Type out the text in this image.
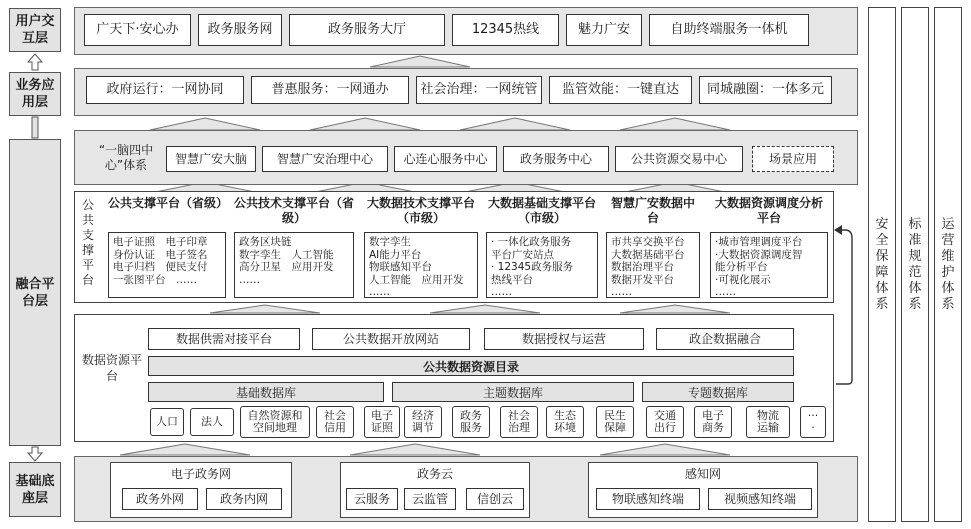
用户交互层
业务应用层
融合平台层
基础底座层
广天下·安心办	政务服务网	政务服务大厅	12345热线	魅力广安	自助终端服务一体机
政府运行：一网协同	普惠服务：一网通办	社会治理：一网统管	监管效能：一键直达	同城融圈：一体多元
“一脑四中心”体系	智慧广安大脑	智慧广安治理中心	心连心服务中心	政务服务中心	公共资源交易中心	场景应用
公共支撑平台
公共支撑平台（省级） 公共技术支撑平台（省级）
大数据技术支撑平台（市级）
大数据基础支撑平台（市级）
智慧广安数据中台
大数据资源调度分析平台
电子证照　电子印章
身份认证　电子签名
电子归档　便民支付
一张图平台　……
政务区块链
数字孪生　人工智能
高分卫星　应用开发
……
数字孪生
AI能力平台
物联感知平台
人工智能　应用开发
……
· 一体化政务服务
平台广安站点
· 12345政务服务
热线平台
……
市共享交换平台
大数据基础平台
数据治理平台
数据开发平台
……
·城市管理调度平台
·大数据资源调度智
能分析平台
·可视化展示
……
数据资源平台
数据供需对接平台	公共数据开放网站	数据授权与运营	政企数据融合
公共数据资源目录
基础数据库	主题数据库	专题数据库
人口	法人	自然资源和
空间地理
社会
信用
电子
证照
经济
调节
政务
服务
社会
治理
生态
环境
民生
保障
交通
出行
电子
商务
物流
运输
···
·
电子政务网
政务外网	政务内网
政务云
云服务	云监管	信创云
感知网
物联感知终端	视频感知终端
安全保障体系
标准规范体系
运营维护体系
